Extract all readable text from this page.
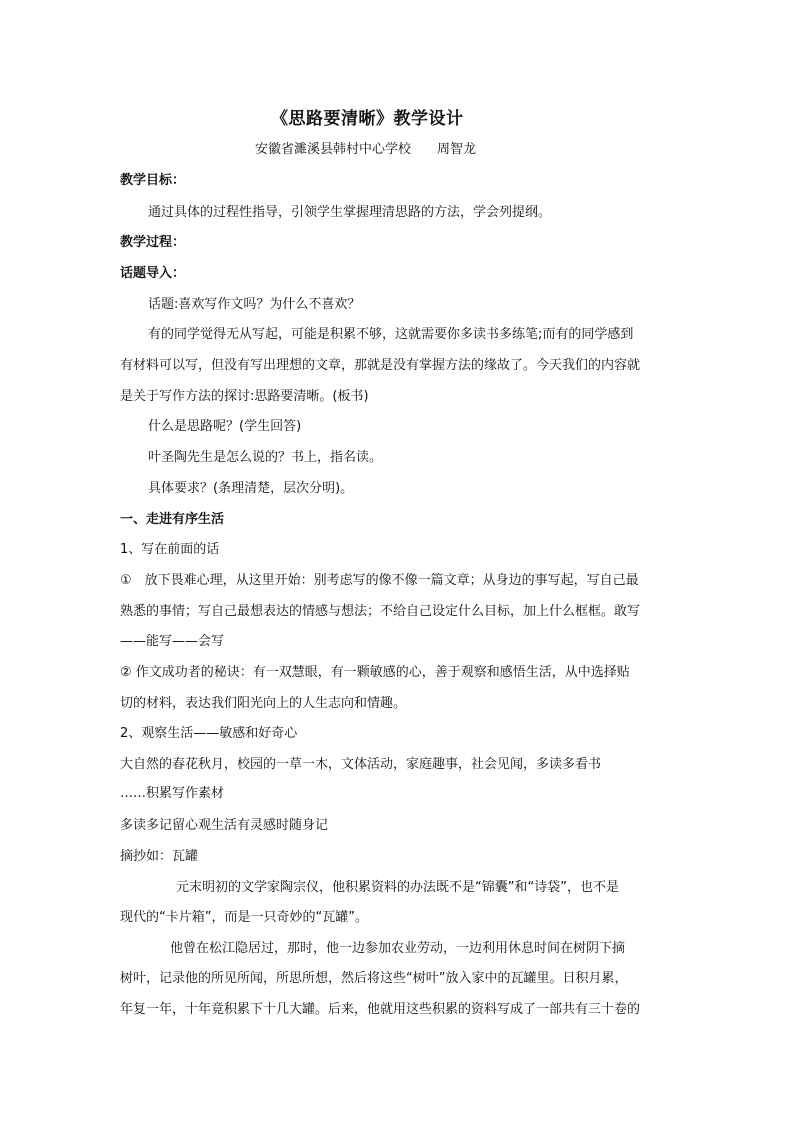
《思路要清晰》教学设计
安徽省濉溪县韩村中心学校　　周智龙
教学目标：
通过具体的过程性指导，引领学生掌握理清思路的方法，学会列提纲。
教学过程：
话题导入：
话题:喜欢写作文吗？为什么不喜欢？
有的同学觉得无从写起，可能是积累不够，这就需要你多读书多练笔;而有的同学感到
有材料可以写，但没有写出理想的文章，那就是没有掌握方法的缘故了。今天我们的内容就
是关于写作方法的探讨:思路要清晰。(板书)
什么是思路呢？(学生回答)
叶圣陶先生是怎么说的？书上，指名读。
具体要求？(条理清楚，层次分明)。
一、走进有序生活
1、写在前面的话
①　放下畏难心理，从这里开始：别考虑写的像不像一篇文章；从身边的事写起，写自己最
熟悉的事情；写自己最想表达的情感与想法；不给自己设定什么目标，加上什么框框。敢写
——能写——会写
② 作文成功者的秘诀：有一双慧眼，有一颗敏感的心，善于观察和感悟生活，从中选择贴
切的材料，表达我们阳光向上的人生志向和情趣。
2、观察生活——敏感和好奇心
大自然的春花秋月，校园的一草一木，文体活动，家庭趣事，社会见闻，多读多看书
……积累写作素材
多读多记留心观生活有灵感时随身记
摘抄如：瓦罐
元末明初的文学家陶宗仪，他积累资料的办法既不是“锦囊”和“诗袋”，也不是
现代的“卡片箱”，而是一只奇妙的“瓦罐”。
他曾在松江隐居过，那时，他一边参加农业劳动，一边利用休息时间在树阴下摘
树叶，记录他的所见所闻，所思所想，然后将这些“树叶”放入家中的瓦罐里。日积月累，
年复一年，十年竟积累下十几大罐。后来，他就用这些积累的资料写成了一部共有三十卷的
